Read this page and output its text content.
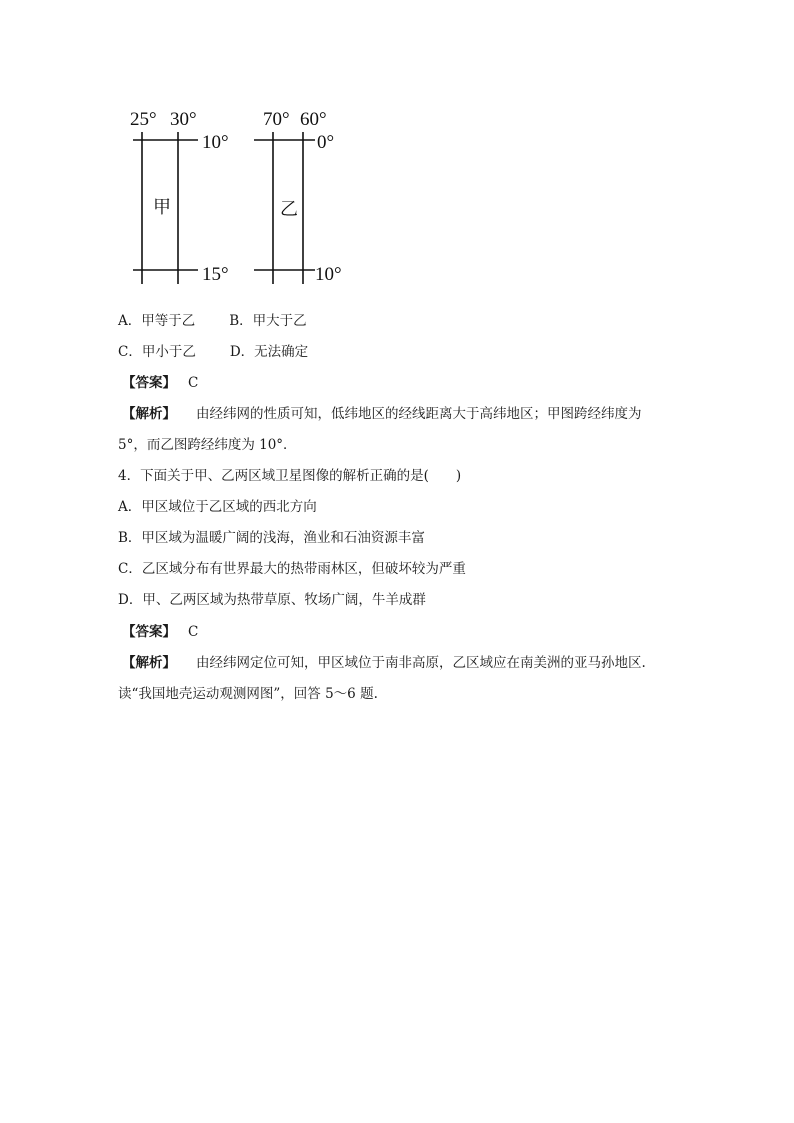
25° 30°
10°
15°
甲
70° 60°
0°
10°
乙
A．甲等于乙	B．甲大于乙
C．甲小于乙	D．无法确定
【答案】 C
【解析】 由经纬网的性质可知，低纬地区的经线距离大于高纬地区；甲图跨经纬度为
5°，而乙图跨经纬度为 10°．
4．下面关于甲、乙两区域卫星图像的解析正确的是(　　)
A．甲区域位于乙区域的西北方向
B．甲区域为温暖广阔的浅海，渔业和石油资源丰富
C．乙区域分布有世界最大的热带雨林区，但破坏较为严重
D．甲、乙两区域为热带草原、牧场广阔，牛羊成群
【答案】 C
【解析】 由经纬网定位可知，甲区域位于南非高原，乙区域应在南美洲的亚马孙地区.
读“我国地壳运动观测网图”，回答 5～6 题.
